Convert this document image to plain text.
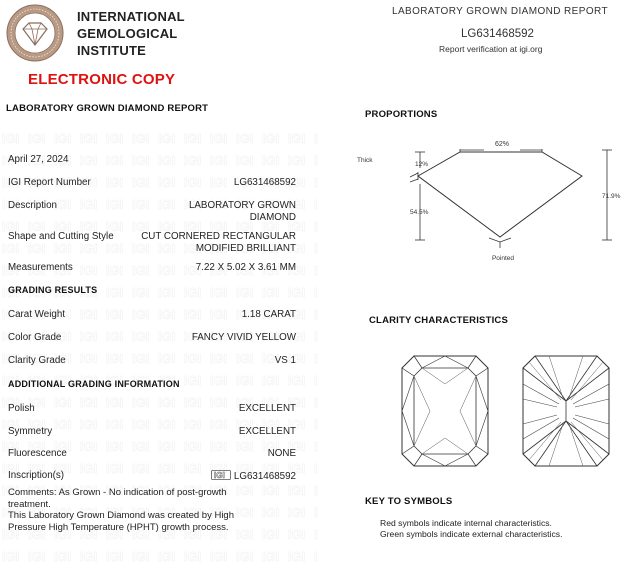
INTERNATIONAL
GEMOLOGICAL
INSTITUTE
ELECTRONIC COPY
LABORATORY GROWN DIAMOND REPORT
LG631468592
Report verification at igi.org
LABORATORY GROWN DIAMOND REPORT
April 27, 2024
IGI Report Number	LG631468592
Description	LABORATORY GROWN
DIAMOND
Shape and Cutting Style	CUT CORNERED RECTANGULAR
MODIFIED BRILLIANT
Measurements	7.22 X 5.02 X 3.61 MM
GRADING RESULTS
Carat Weight	1.18 CARAT
Color Grade	FANCY VIVID YELLOW
Clarity Grade	VS 1
ADDITIONAL GRADING INFORMATION
Polish	EXCELLENT
Symmetry	EXCELLENT
Fluorescence	NONE
Inscription(s)	IGI LG631468592
Comments: As Grown - No indication of post-growth
treatment.
This Laboratory Grown Diamond was created by High
Pressure High Temperature (HPHT) growth process.
PROPORTIONS
62%
12%
Thick
54.5%
71.9%
Pointed
CLARITY CHARACTERISTICS
KEY TO SYMBOLS
Red symbols indicate internal characteristics.
Green symbols indicate external characteristics.
